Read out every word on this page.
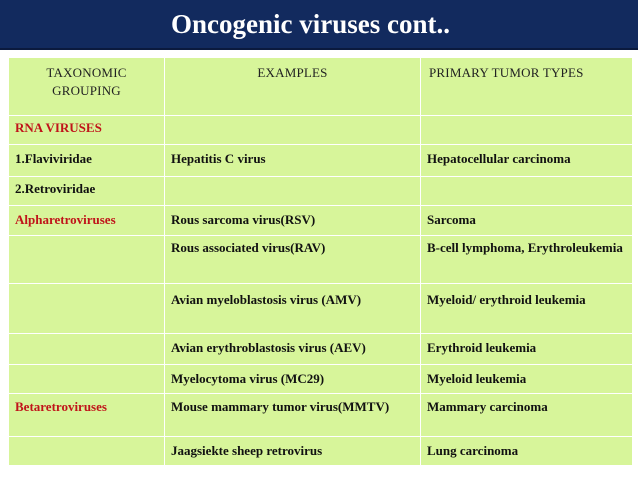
Oncogenic viruses cont..
TAXONOMIC GROUPING	EXAMPLES	PRIMARY TUMOR TYPES
RNA VIRUSES		
1.Flaviviridae	Hepatitis C virus	Hepatocellular carcinoma
2.Retroviridae		
Alpharetroviruses	Rous sarcoma virus(RSV)	Sarcoma
	Rous associated virus(RAV)	B-cell lymphoma, Erythroleukemia
	Avian myeloblastosis virus (AMV)	Myeloid/ erythroid leukemia
	Avian erythroblastosis virus (AEV)	Erythroid leukemia
	Myelocytoma virus (MC29)	Myeloid leukemia
Betaretroviruses	Mouse mammary tumor virus(MMTV)	Mammary carcinoma
	Jaagsiekte sheep retrovirus	Lung carcinoma
